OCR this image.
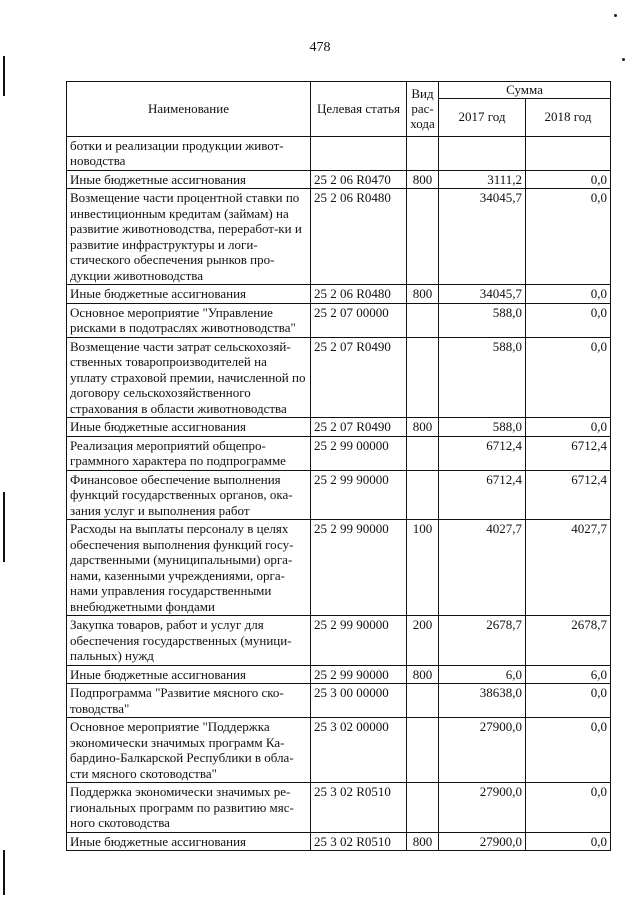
478
Наименование	Целевая статья	Вид рас-хода	Сумма	
			2017 год	2018 год
ботки и реализации продукции живот-новодства				
Иные бюджетные ассигнования	25 2 06 R0470	800	3111,2	0,0
Возмещение части процентной ставки по инвестиционным кредитам (займам) на развитие животноводства, переработ-ки и развитие инфраструктуры и логи-стического обеспечения рынков про-дукции животноводства	25 2 06 R0480		34045,7	0,0
Иные бюджетные ассигнования	25 2 06 R0480	800	34045,7	0,0
Основное мероприятие "Управление рисками в подотраслях животноводства"	25 2 07 00000		588,0	0,0
Возмещение части затрат сельскохозяй-ственных товаропроизводителей на уплату страховой премии, начисленной по договору сельскохозяйственного страхования в области животноводства	25 2 07 R0490		588,0	0,0
Иные бюджетные ассигнования	25 2 07 R0490	800	588,0	0,0
Реализация мероприятий общепро-граммного характера по подпрограмме	25 2 99 00000		6712,4	6712,4
Финансовое обеспечение выполнения функций государственных органов, ока-зания услуг и выполнения работ	25 2 99 90000		6712,4	6712,4
Расходы на выплаты персоналу в целях обеспечения выполнения функций госу-дарственными (муниципальными) орга-нами, казенными учреждениями, орга-нами управления государственными внебюджетными фондами	25 2 99 90000	100	4027,7	4027,7
Закупка товаров, работ и услуг для обеспечения государственных (муници-пальных) нужд	25 2 99 90000	200	2678,7	2678,7
Иные бюджетные ассигнования	25 2 99 90000	800	6,0	6,0
Подпрограмма "Развитие мясного ско-товодства"	25 3 00 00000		38638,0	0,0
Основное мероприятие "Поддержка экономически значимых программ Ка-бардино-Балкарской Республики в обла-сти мясного скотоводства"	25 3 02 00000		27900,0	0,0
Поддержка экономически значимых ре-гиональных программ по развитию мяс-ного скотоводства	25 3 02 R0510		27900,0	0,0
Иные бюджетные ассигнования	25 3 02 R0510	800	27900,0	0,0
